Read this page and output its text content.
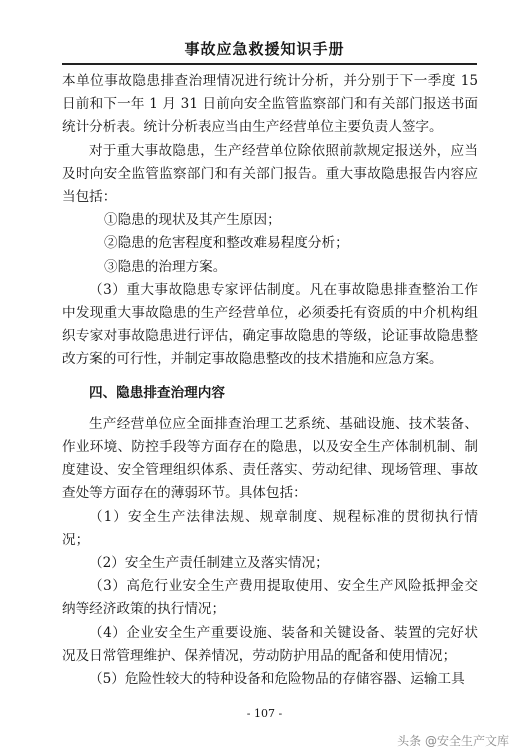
事故应急救援知识手册

本单位事故隐患排查治理情况进行统计分析，并分别于下一季度 15 日前和下一年 1 月 31 日前向安全监管监察部门和有关部门报送书面统计分析表。统计分析表应当由生产经营单位主要负责人签字。

对于重大事故隐患，生产经营单位除依照前款规定报送外，应当及时向安全监管监察部门和有关部门报告。重大事故隐患报告内容应当包括：

①隐患的现状及其产生原因；

②隐患的危害程度和整改难易程度分析；

③隐患的治理方案。

（3）重大事故隐患专家评估制度。凡在事故隐患排查整治工作中发现重大事故隐患的生产经营单位，必须委托有资质的中介机构组织专家对事故隐患进行评估，确定事故隐患的等级，论证事故隐患整改方案的可行性，并制定事故隐患整改的技术措施和应急方案。

四、隐患排查治理内容

生产经营单位应全面排查治理工艺系统、基础设施、技术装备、作业环境、防控手段等方面存在的隐患，以及安全生产体制机制、制度建设、安全管理组织体系、责任落实、劳动纪律、现场管理、事故查处等方面存在的薄弱环节。具体包括：

（1）安全生产法律法规、规章制度、规程标准的贯彻执行情况；

（2）安全生产责任制建立及落实情况；

（3）高危行业安全生产费用提取使用、安全生产风险抵押金交纳等经济政策的执行情况；

（4）企业安全生产重要设施、装备和关键设备、装置的完好状况及日常管理维护、保养情况，劳动防护用品的配备和使用情况；

（5）危险性较大的特种设备和危险物品的存储容器、运输工具

- 107 -
头条 @安全生产文库
